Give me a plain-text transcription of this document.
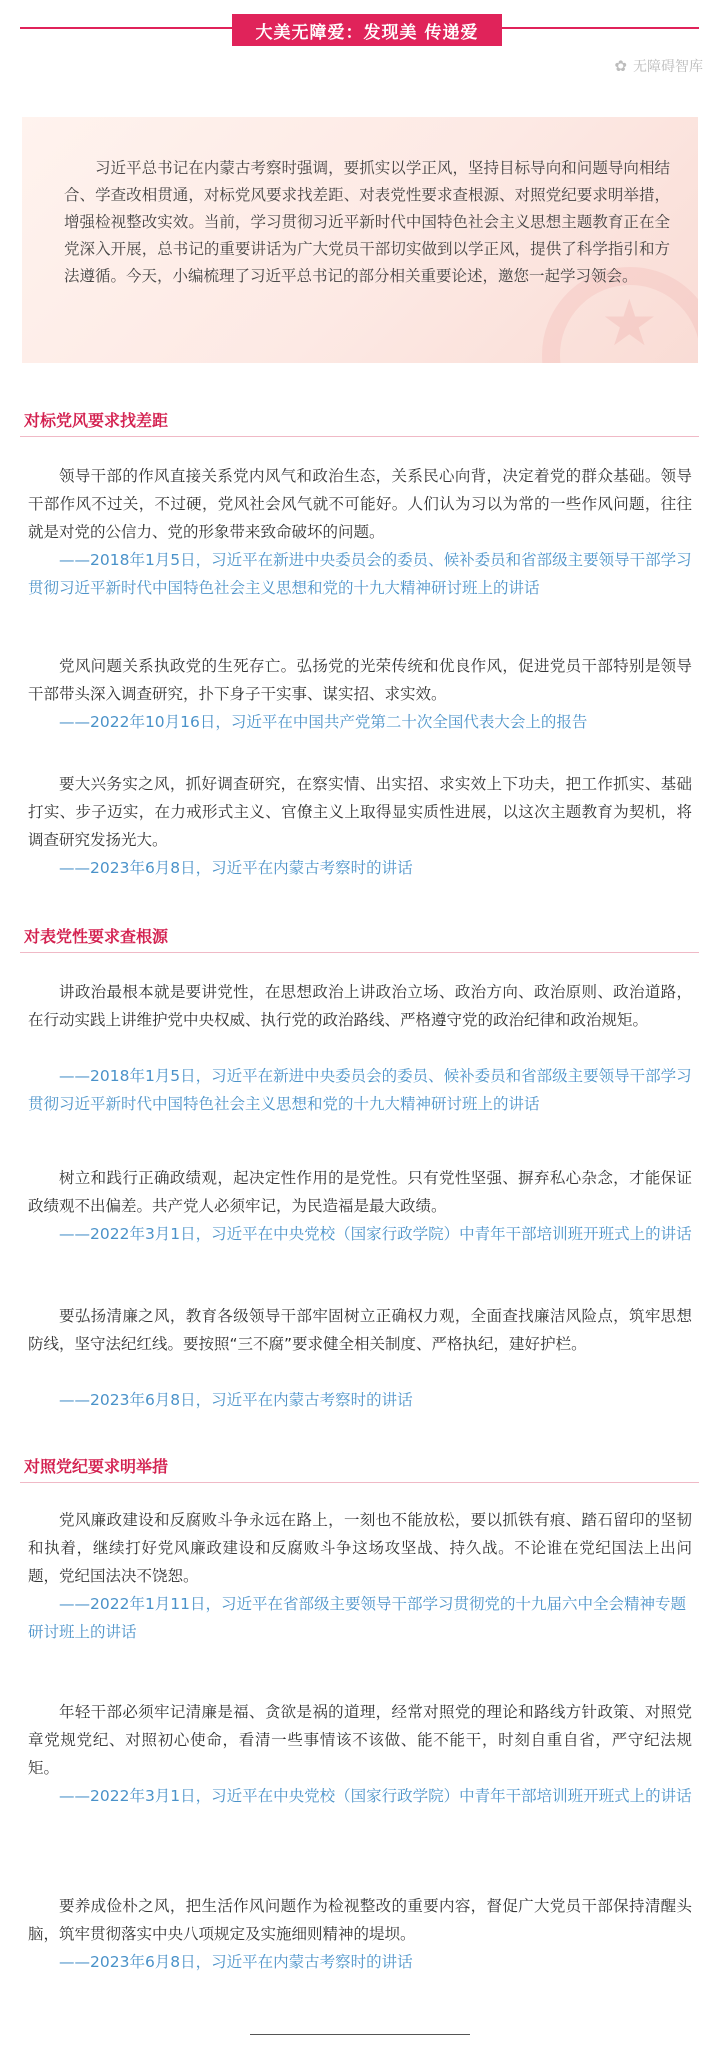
大美无障爱：发现美 传递爱
✿ 无障碍智库
★
习近平总书记在内蒙古考察时强调，要抓实以学正风，坚持目标导向和问题导向相结合、学查改相贯通，对标党风要求找差距、对表党性要求查根源、对照党纪要求明举措，增强检视整改实效。当前，学习贯彻习近平新时代中国特色社会主义思想主题教育正在全党深入开展，总书记的重要讲话为广大党员干部切实做到以学正风，提供了科学指引和方法遵循。今天，小编梳理了习近平总书记的部分相关重要论述，邀您一起学习领会。
对标党风要求找差距
领导干部的作风直接关系党内风气和政治生态，关系民心向背，决定着党的群众基础。领导干部作风不过关，不过硬，党风社会风气就不可能好。人们认为习以为常的一些作风问题，往往就是对党的公信力、党的形象带来致命破坏的问题。
——2018年1月5日，习近平在新进中央委员会的委员、候补委员和省部级主要领导干部学习贯彻习近平新时代中国特色社会主义思想和党的十九大精神研讨班上的讲话
党风问题关系执政党的生死存亡。弘扬党的光荣传统和优良作风，促进党员干部特别是领导干部带头深入调查研究，扑下身子干实事、谋实招、求实效。
——2022年10月16日，习近平在中国共产党第二十次全国代表大会上的报告
要大兴务实之风，抓好调查研究，在察实情、出实招、求实效上下功夫，把工作抓实、基础打实、步子迈实，在力戒形式主义、官僚主义上取得显实质性进展，以这次主题教育为契机，将调查研究发扬光大。
——2023年6月8日，习近平在内蒙古考察时的讲话
对表党性要求查根源
讲政治最根本就是要讲党性，在思想政治上讲政治立场、政治方向、政治原则、政治道路，在行动实践上讲维护党中央权威、执行党的政治路线、严格遵守党的政治纪律和政治规矩。
——2018年1月5日，习近平在新进中央委员会的委员、候补委员和省部级主要领导干部学习贯彻习近平新时代中国特色社会主义思想和党的十九大精神研讨班上的讲话
树立和践行正确政绩观，起决定性作用的是党性。只有党性坚强、摒弃私心杂念，才能保证政绩观不出偏差。共产党人必须牢记，为民造福是最大政绩。
——2022年3月1日，习近平在中央党校（国家行政学院）中青年干部培训班开班式上的讲话
要弘扬清廉之风，教育各级领导干部牢固树立正确权力观，全面查找廉洁风险点，筑牢思想防线，坚守法纪红线。要按照“三不腐”要求健全相关制度、严格执纪，建好护栏。
——2023年6月8日，习近平在内蒙古考察时的讲话
对照党纪要求明举措
党风廉政建设和反腐败斗争永远在路上，一刻也不能放松，要以抓铁有痕、踏石留印的坚韧和执着，继续打好党风廉政建设和反腐败斗争这场攻坚战、持久战。不论谁在党纪国法上出问题，党纪国法决不饶恕。
——2022年1月11日，习近平在省部级主要领导干部学习贯彻党的十九届六中全会精神专题研讨班上的讲话
年轻干部必须牢记清廉是福、贪欲是祸的道理，经常对照党的理论和路线方针政策、对照党章党规党纪、对照初心使命，看清一些事情该不该做、能不能干，时刻自重自省，严守纪法规矩。
——2022年3月1日，习近平在中央党校（国家行政学院）中青年干部培训班开班式上的讲话
要养成俭朴之风，把生活作风问题作为检视整改的重要内容，督促广大党员干部保持清醒头脑，筑牢贯彻落实中央八项规定及实施细则精神的堤坝。
——2023年6月8日，习近平在内蒙古考察时的讲话
